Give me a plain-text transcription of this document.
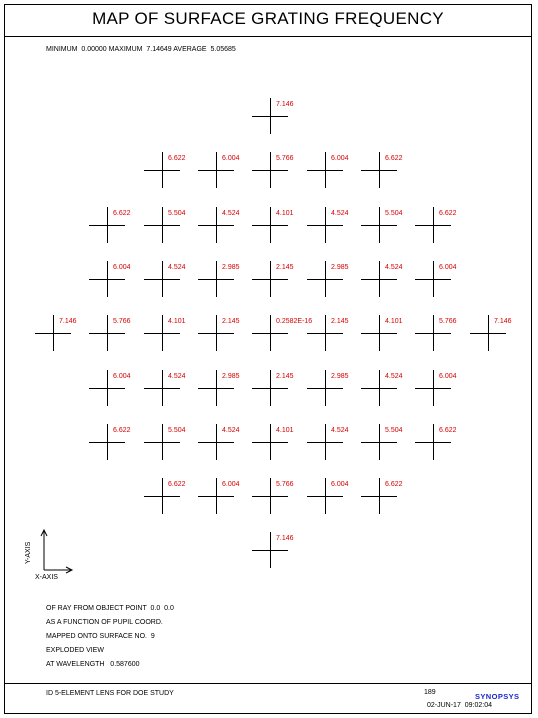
MAP OF SURFACE GRATING FREQUENCY
MINIMUM 0.00000 MAXIMUM 7.14649 AVERAGE 5.05685
7.146
6.622	6.004	5.766	6.004	6.622
6.622	5.504	4.524	4.101	4.524	5.504	6.622
6.004	4.524	2.985	2.145	2.985	4.524	6.004
7.146	5.766	4.101	2.145	0.2582E-16	2.145	4.101	5.766	7.146
6.004	4.524	2.985	2.145	2.985	4.524	6.004
6.622	5.504	4.524	4.101	4.524	5.504	6.622
6.622	6.004	5.766	6.004	6.622
7.146
Y-AXIS
X-AXIS
OF RAY FROM OBJECT POINT  0.0  0.0
AS A FUNCTION OF PUPIL COORD.
MAPPED ONTO SURFACE NO.  9
EXPLODED VIEW
AT WAVELENGTH   0.587600
ID 5-ELEMENT LENS FOR DOE STUDY	189	SYNOPSYS
02-JUN-17 09:02:04
